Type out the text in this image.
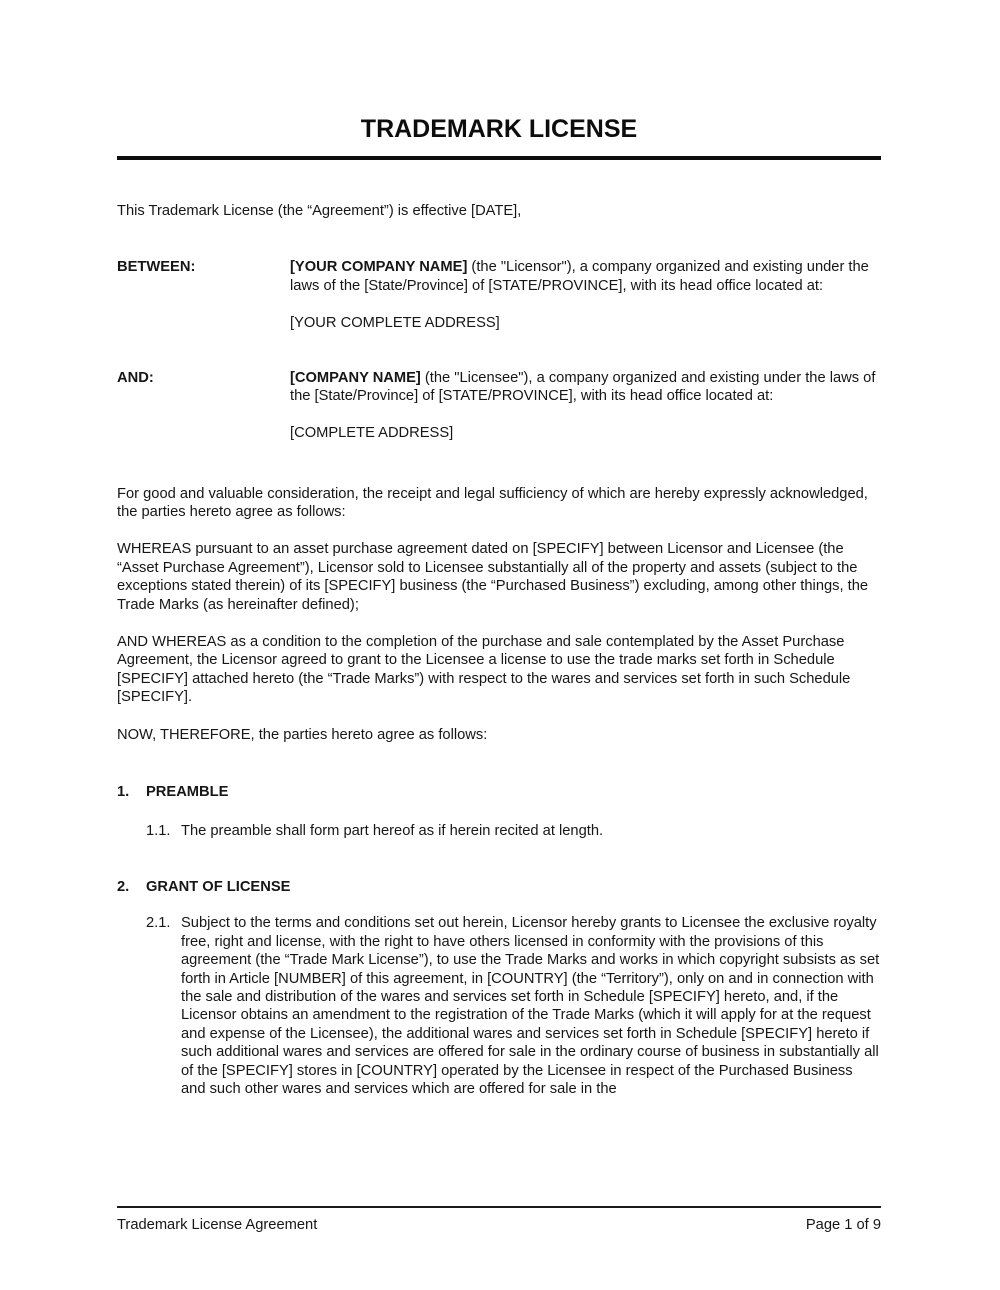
TRADEMARK LICENSE

This Trademark License (the “Agreement”) is effective [DATE],

BETWEEN:	[YOUR COMPANY NAME] (the "Licensor"), a company organized and existing under the laws of the [State/Province] of [STATE/PROVINCE], with its head office located at:

[YOUR COMPLETE ADDRESS]

AND:	[COMPANY NAME] (the "Licensee"), a company organized and existing under the laws of the [State/Province] of [STATE/PROVINCE], with its head office located at:

[COMPLETE ADDRESS]

For good and valuable consideration, the receipt and legal sufficiency of which are hereby expressly acknowledged, the parties hereto agree as follows:

WHEREAS pursuant to an asset purchase agreement dated on [SPECIFY] between Licensor and Licensee (the “Asset Purchase Agreement”), Licensor sold to Licensee substantially all of the property and assets (subject to the exceptions stated therein) of its [SPECIFY] business (the “Purchased Business”) excluding, among other things, the Trade Marks (as hereinafter defined);

AND WHEREAS as a condition to the completion of the purchase and sale contemplated by the Asset Purchase Agreement, the Licensor agreed to grant to the Licensee a license to use the trade marks set forth in Schedule [SPECIFY] attached hereto (the “Trade Marks”) with respect to the wares and services set forth in such Schedule [SPECIFY].

NOW, THEREFORE, the parties hereto agree as follows:

1.	PREAMBLE
1.1. The preamble shall form part hereof as if herein recited at length.
2.	GRANT OF LICENSE
2.1. Subject to the terms and conditions set out herein, Licensor hereby grants to Licensee the exclusive royalty free, right and license, with the right to have others licensed in conformity with the provisions of this agreement (the “Trade Mark License”), to use the Trade Marks and works in which copyright subsists as set forth in Article [NUMBER] of this agreement, in [COUNTRY] (the “Territory”), only on and in connection with the sale and distribution of the wares and services set forth in Schedule [SPECIFY] hereto, and, if the Licensor obtains an amendment to the registration of the Trade Marks (which it will apply for at the request and expense of the Licensee), the additional wares and services set forth in Schedule [SPECIFY] hereto if such additional wares and services are offered for sale in the ordinary course of business in substantially all of the [SPECIFY] stores in [COUNTRY] operated by the Licensee in respect of the Purchased Business and such other wares and services which are offered for sale in the
Trademark License Agreement	Page 1 of 9
